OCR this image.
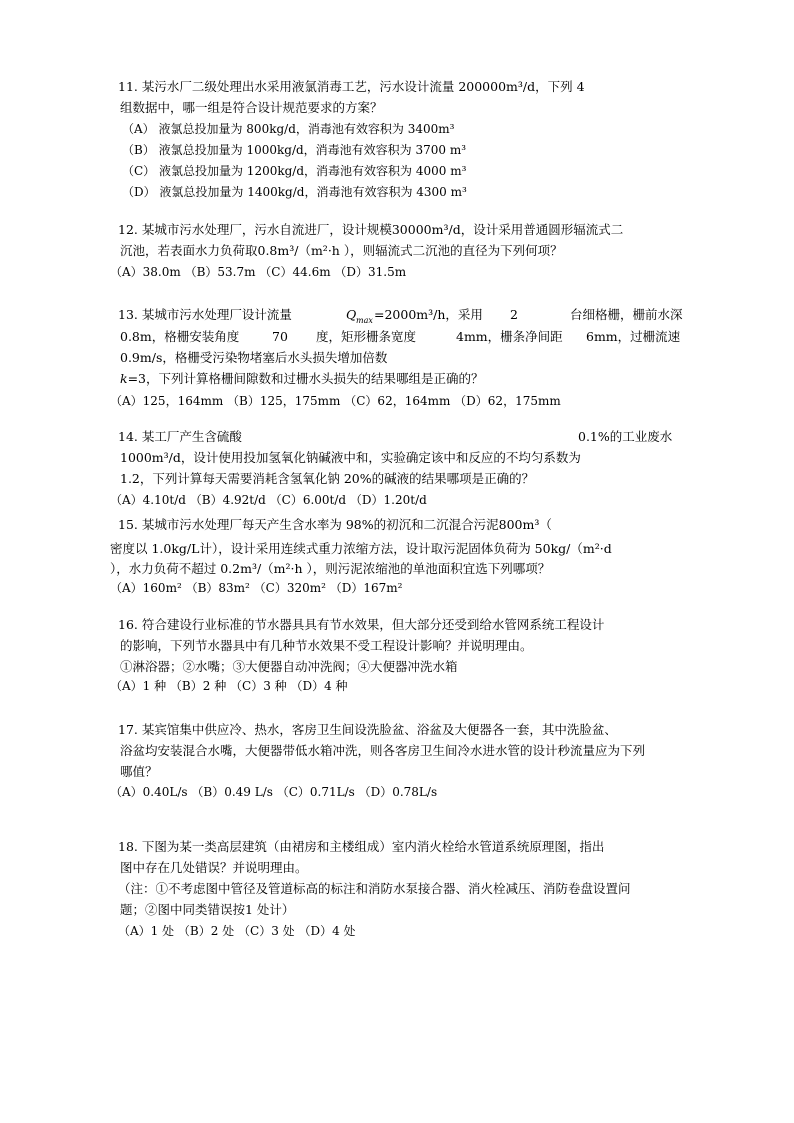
11. 某污水厂二级处理出水采用液氯消毒工艺，污水设计流量 200000m³/d，下列 4
组数据中，哪一组是符合设计规范要求的方案？
（A） 液氯总投加量为 800kg/d，消毒池有效容积为 3400m³
（B） 液氯总投加量为 1000kg/d，消毒池有效容积为 3700 m³
（C） 液氯总投加量为 1200kg/d，消毒池有效容积为 4000 m³
（D） 液氯总投加量为 1400kg/d，消毒池有效容积为 4300 m³
12. 某城市污水处理厂，污水自流进厂，设计规模30000m³/d，设计采用普通圆形辐流式二
沉池，若表面水力负荷取0.8m³/（m²·h ），则辐流式二沉池的直径为下列何项？
（A）38.0m （B）53.7m （C）44.6m （D）31.5m
13. 某城市污水处理厂设计流量	Q max =2000m³/h，采用 2	台细格栅，栅前水深
0.8m，格栅安装角度	70 度，矩形栅条宽度	4mm，栅条净间距 6mm，过栅流速
0.9m/s，格栅受污染物堵塞后水头损失增加倍数
k=3，下列计算格栅间隙数和过栅水头损失的结果哪组是正确的？
（A）125，164mm （B）125，175mm （C）62，164mm （D）62，175mm
14. 某工厂产生含硫酸	0.1%的工业废水
1000m³/d，设计使用投加氢氧化钠碱液中和，实验确定该中和反应的不均匀系数为
1.2，下列计算每天需要消耗含氢氧化钠 20%的碱液的结果哪项是正确的？
（A）4.10t/d （B）4.92t/d （C）6.00t/d （D）1.20t/d
15. 某城市污水处理厂每天产生含水率为 98%的初沉和二沉混合污泥800m³（
密度以 1.0kg/L计），设计采用连续式重力浓缩方法，设计取污泥固体负荷为 50kg/（m²·d
），水力负荷不超过 0.2m³/（m²·h ），则污泥浓缩池的单池面积宜选下列哪项？
（A）160m² （B）83m² （C）320m² （D）167m²
16. 符合建设行业标准的节水器具具有节水效果，但大部分还受到给水管网系统工程设计
的影响，下列节水器具中有几种节水效果不受工程设计影响？并说明理由。
①淋浴器；②水嘴；③大便器自动冲洗阀；④大便器冲洗水箱
（A）1 种 （B）2 种 （C）3 种 （D）4 种
17. 某宾馆集中供应冷、热水，客房卫生间设洗脸盆、浴盆及大便器各一套，其中洗脸盆、
浴盆均安装混合水嘴，大便器带低水箱冲洗，则各客房卫生间冷水进水管的设计秒流量应为下列
哪值？
（A）0.40L/s （B）0.49 L/s （C）0.71L/s （D）0.78L/s
18. 下图为某一类高层建筑（由裙房和主楼组成）室内消火栓给水管道系统原理图，指出
图中存在几处错误？并说明理由。
（注：①不考虑图中管径及管道标高的标注和消防水泵接合器、消火栓减压、消防卷盘设置问
题；②图中同类错误按1 处计）
（A）1 处 （B）2 处 （C）3 处 （D）4 处
